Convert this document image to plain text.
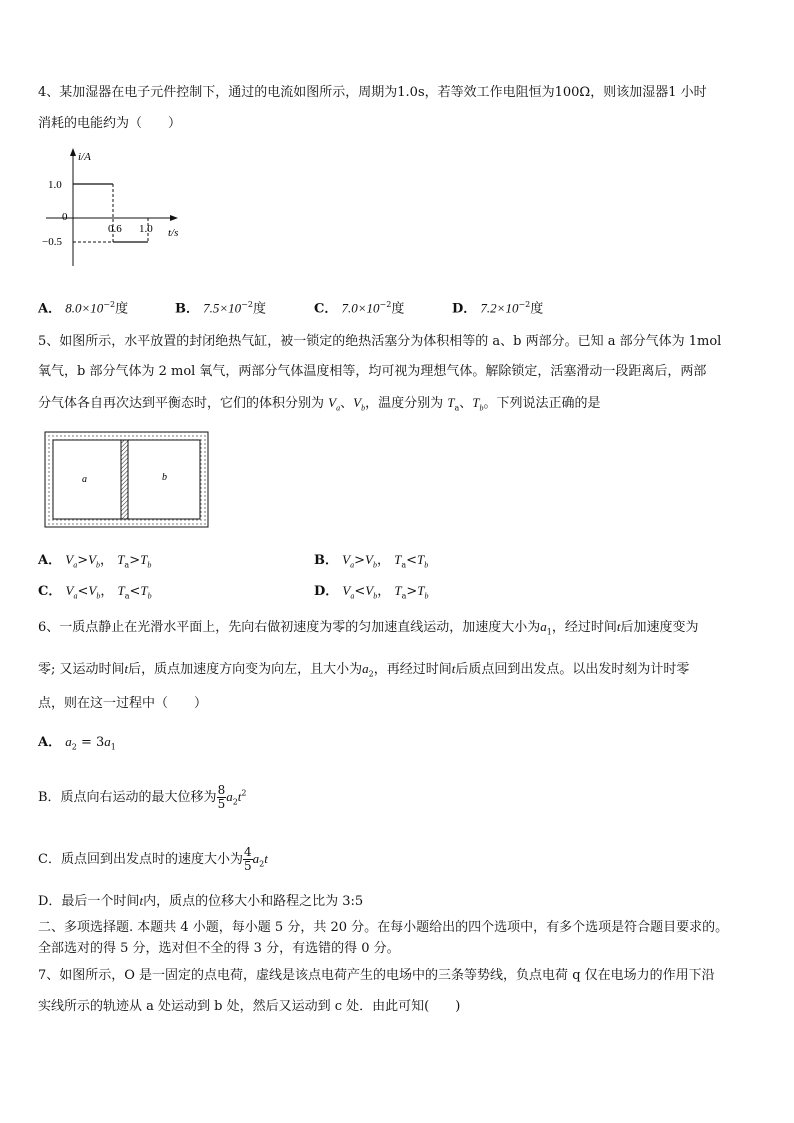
4、某加湿器在电子元件控制下，通过的电流如图所示，周期为1.0s，若等效工作电阻恒为100Ω，则该加湿器1 小时
消耗的电能约为（　　）
i/A
t/s
1.0
0
−0.5
0.6 1.0
A． $8.0\times 10^{-2}$度	B． $7.5\times 10^{-2}$度	C． $7.0\times 10^{-2}$度	D． $7.2\times 10^{-2}$度
5、如图所示，水平放置的封闭绝热气缸，被一锁定的绝热活塞分为体积相等的 a、b 两部分。已知 a 部分气体为 1mol
氧气，b 部分气体为 2 mol 氧气，两部分气体温度相等，均可视为理想气体。解除锁定，活塞滑动一段距离后，两部
分气体各自再次达到平衡态时，它们的体积分别为 $V_a$、$V_b$，温度分别为 $T_a$、$T_b$。下列说法正确的是
a	b
A． $V_a>V_b$， $T_a>T_b$	B． $V_a>V_b$， $T_a<T_b$
C． $V_a<V_b$， $T_a<T_b$	D． $V_a<V_b$， $T_a>T_b$
6、一质点静止在光滑水平面上，先向右做初速度为零的匀加速直线运动，加速度大小为$a_1$，经过时间t后加速度变为
零; 又运动时间t后，质点加速度方向变为向左，且大小为$a_2$，再经过时间t后质点回到出发点。以出发时刻为计时零
点，则在这一过程中（　　）
A． $a_2 = 3a_1$
B．质点向右运动的最大位移为 $\frac{8}{5} a_2t^2$
C．质点回到出发点时的速度大小为 $\frac{4}{5} a_2t$
D．最后一个时间t内，质点的位移大小和路程之比为 3:5
二、多项选择题. 本题共 4 小题，每小题 5 分，共 20 分。在每小题给出的四个选项中，有多个选项是符合题目要求的。
全部选对的得 5 分，选对但不全的得 3 分，有选错的得 0 分。
7、如图所示，O 是一固定的点电荷，虚线是该点电荷产生的电场中的三条等势线，负点电荷 q 仅在电场力的作用下沿
实线所示的轨迹从 a 处运动到 b 处，然后又运动到 c 处．由此可知(　　)
